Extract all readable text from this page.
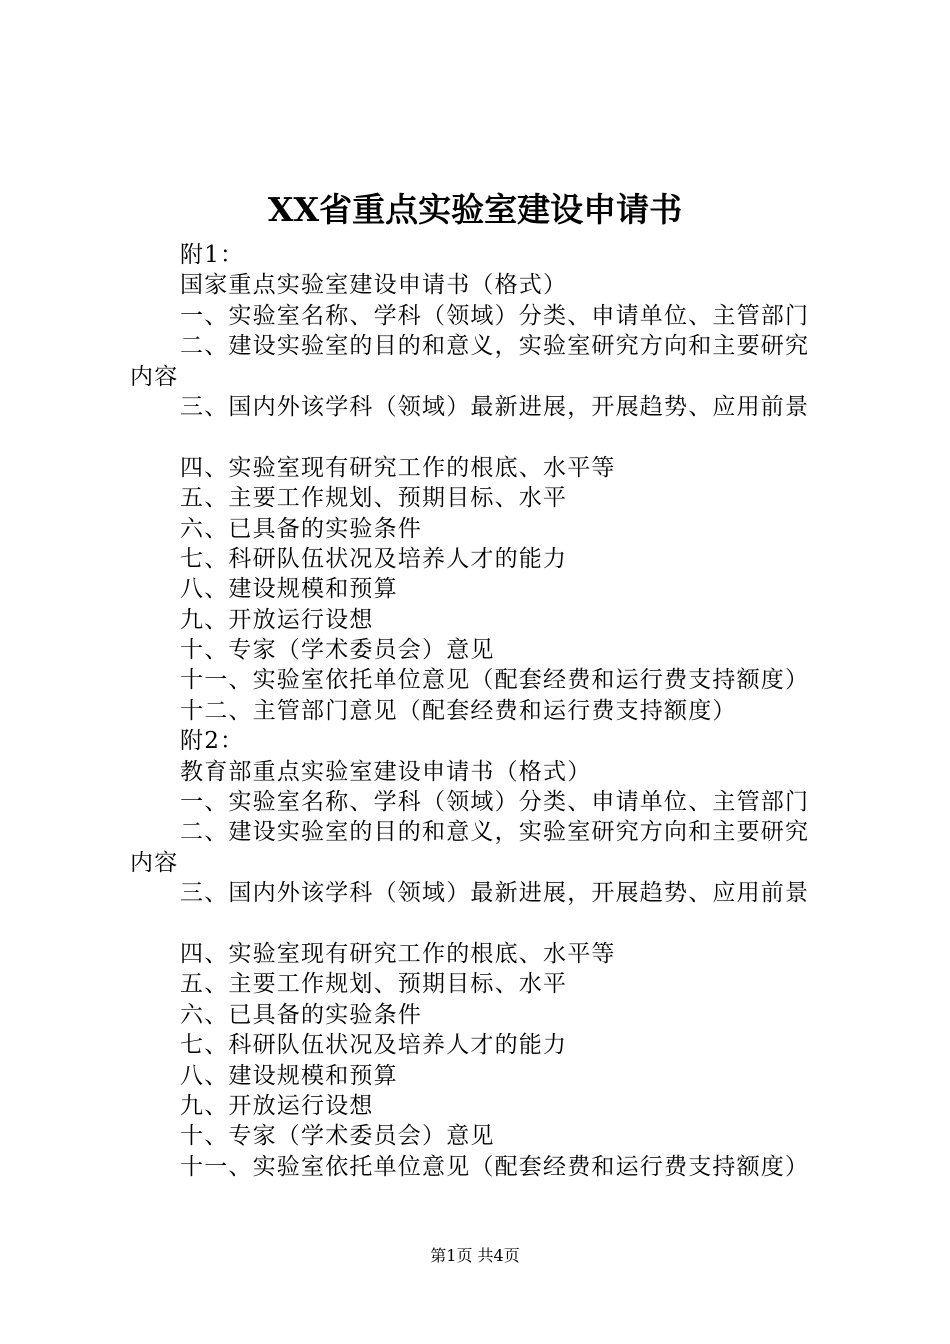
XX省重点实验室建设申请书
附1：
国家重点实验室建设申请书（格式）
一、实验室名称、学科（领域）分类、申请单位、主管部门
二、建设实验室的目的和意义，实验室研究方向和主要研究
内容
三、国内外该学科（领域）最新进展，开展趋势、应用前景
四、实验室现有研究工作的根底、水平等
五、主要工作规划、预期目标、水平
六、已具备的实验条件
七、科研队伍状况及培养人才的能力
八、建设规模和预算
九、开放运行设想
十、专家（学术委员会）意见
十一、实验室依托单位意见（配套经费和运行费支持额度）
十二、主管部门意见（配套经费和运行费支持额度）
附2：
教育部重点实验室建设申请书（格式）
一、实验室名称、学科（领域）分类、申请单位、主管部门
二、建设实验室的目的和意义，实验室研究方向和主要研究
内容
三、国内外该学科（领域）最新进展，开展趋势、应用前景
四、实验室现有研究工作的根底、水平等
五、主要工作规划、预期目标、水平
六、已具备的实验条件
七、科研队伍状况及培养人才的能力
八、建设规模和预算
九、开放运行设想
十、专家（学术委员会）意见
十一、实验室依托单位意见（配套经费和运行费支持额度）
第1页 共4页
